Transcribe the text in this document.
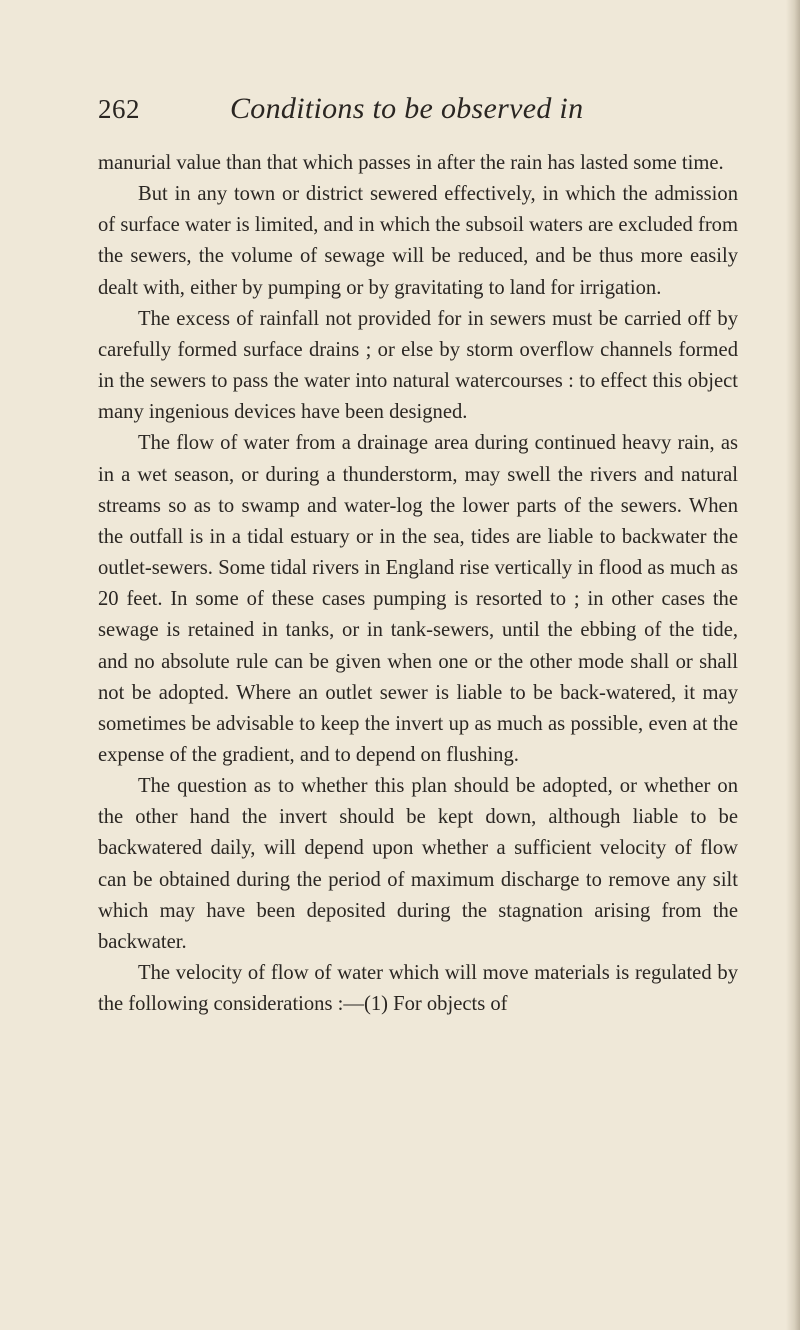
262	Conditions to be observed in

manurial value than that which passes in after the rain has lasted some time.

But in any town or district sewered effectively, in which the admission of surface water is limited, and in which the subsoil waters are excluded from the sewers, the volume of sewage will be reduced, and be thus more easily dealt with, either by pumping or by gravitating to land for irrigation.

The excess of rainfall not provided for in sewers must be carried off by carefully formed surface drains ; or else by storm overflow channels formed in the sewers to pass the water into natural watercourses : to effect this object many ingenious devices have been designed.

The flow of water from a drainage area during continued heavy rain, as in a wet season, or during a thunderstorm, may swell the rivers and natural streams so as to swamp and water-log the lower parts of the sewers. When the outfall is in a tidal estuary or in the sea, tides are liable to backwater the outlet-sewers. Some tidal rivers in England rise vertically in flood as much as 20 feet. In some of these cases pumping is resorted to ; in other cases the sewage is retained in tanks, or in tank-sewers, until the ebbing of the tide, and no absolute rule can be given when one or the other mode shall or shall not be adopted. Where an outlet sewer is liable to be back-watered, it may sometimes be advisable to keep the invert up as much as possible, even at the expense of the gradient, and to depend on flushing.

The question as to whether this plan should be adopted, or whether on the other hand the invert should be kept down, although liable to be backwatered daily, will depend upon whether a sufficient velocity of flow can be obtained during the period of maximum discharge to remove any silt which may have been deposited during the stagnation arising from the backwater.

The velocity of flow of water which will move materials is regulated by the following considerations :—(1) For objects of
